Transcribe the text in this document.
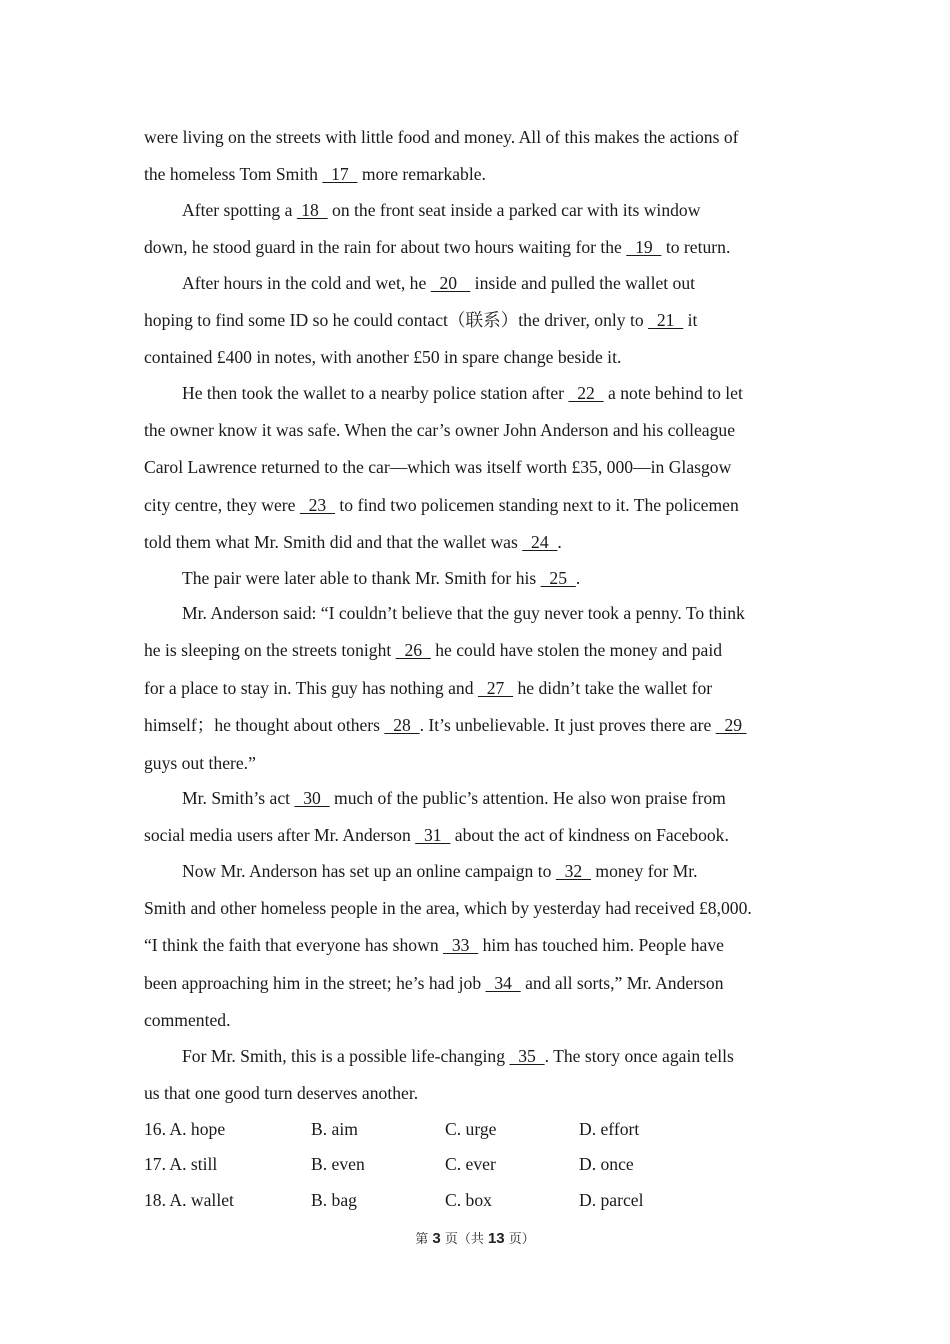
were living on the streets with little food and money. All of this makes the actions of
the homeless Tom Smith   17   more remarkable.
After spotting a  18   on the front seat inside a parked car with its window
down, he stood guard in the rain for about two hours waiting for the   19   to return.
After hours in the cold and wet, he   20    inside and pulled the wallet out
hoping to find some ID so he could contact（联系）the driver, only to   21   it
contained £400 in notes, with another £50 in spare change beside it.
He then took the wallet to a nearby police station after   22   a note behind to let
the owner know it was safe. When the car’s owner John Anderson and his colleague
Carol Lawrence returned to the car—which was itself worth £35, 000—in Glasgow
city centre, they were   23   to find two policemen standing next to it. The policemen
told them what Mr. Smith did and that the wallet was   24  .
The pair were later able to thank Mr. Smith for his   25  .
Mr. Anderson said: “I couldn’t believe that the guy never took a penny. To think
he is sleeping on the streets tonight   26   he could have stolen the money and paid
for a place to stay in. This guy has nothing and   27   he didn’t take the wallet for
himself；he thought about others   28  . It’s unbelievable. It just proves there are   29
guys out there.”
Mr. Smith’s act   30   much of the public’s attention. He also won praise from
social media users after Mr. Anderson   31   about the act of kindness on Facebook.
Now Mr. Anderson has set up an online campaign to   32   money for Mr.
Smith and other homeless people in the area, which by yesterday had received £8,000.
“I think the faith that everyone has shown   33   him has touched him. People have
been approaching him in the street; he’s had job   34   and all sorts,” Mr. Anderson
commented.
For Mr. Smith, this is a possible life-changing   35  . The story once again tells
us that one good turn deserves another.
16. A. hope	B. aim	C. urge	D. effort
17. A. still	B. even	C. ever	D. once
18. A. wallet	B. bag	C. box	D. parcel
第 3 页（共 13 页）
